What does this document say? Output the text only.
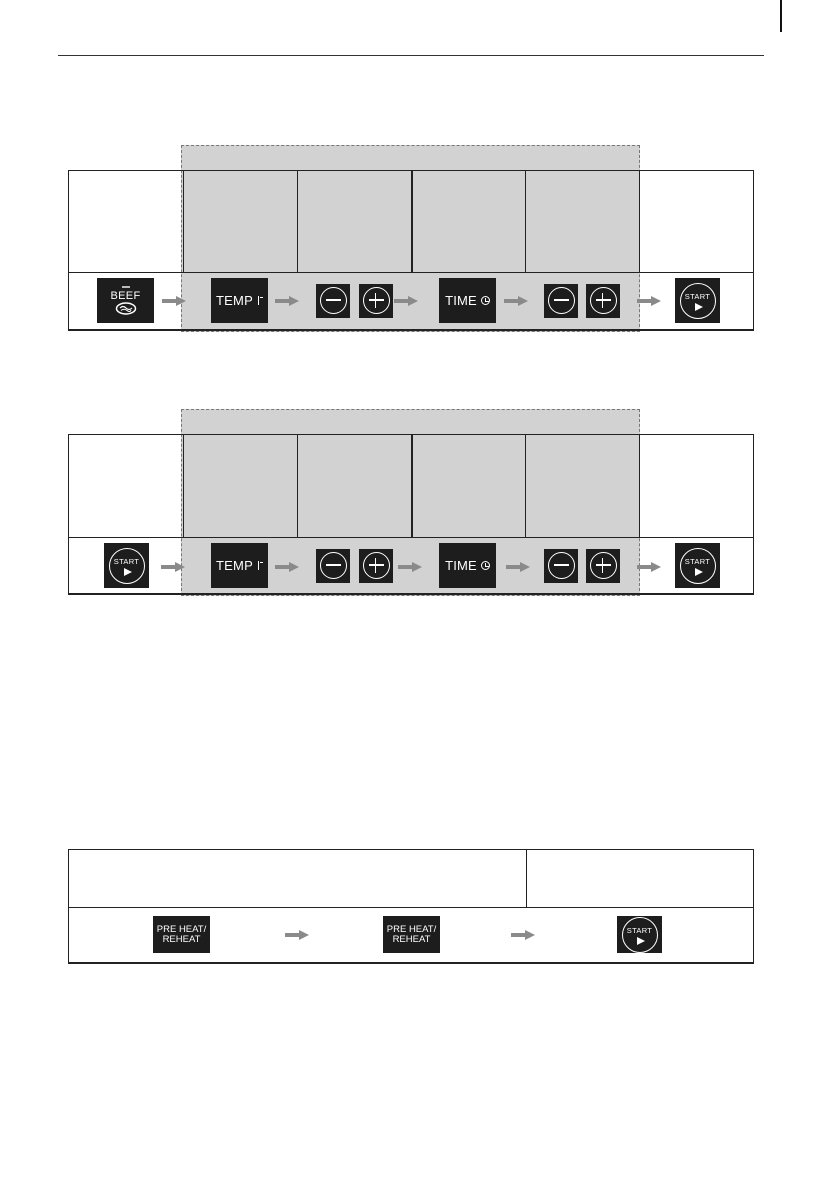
BEEF	TEMP	TIME	START
START	TEMP	TIME	START
PRE HEAT/
REHEAT
PRE HEAT/
REHEAT
START
